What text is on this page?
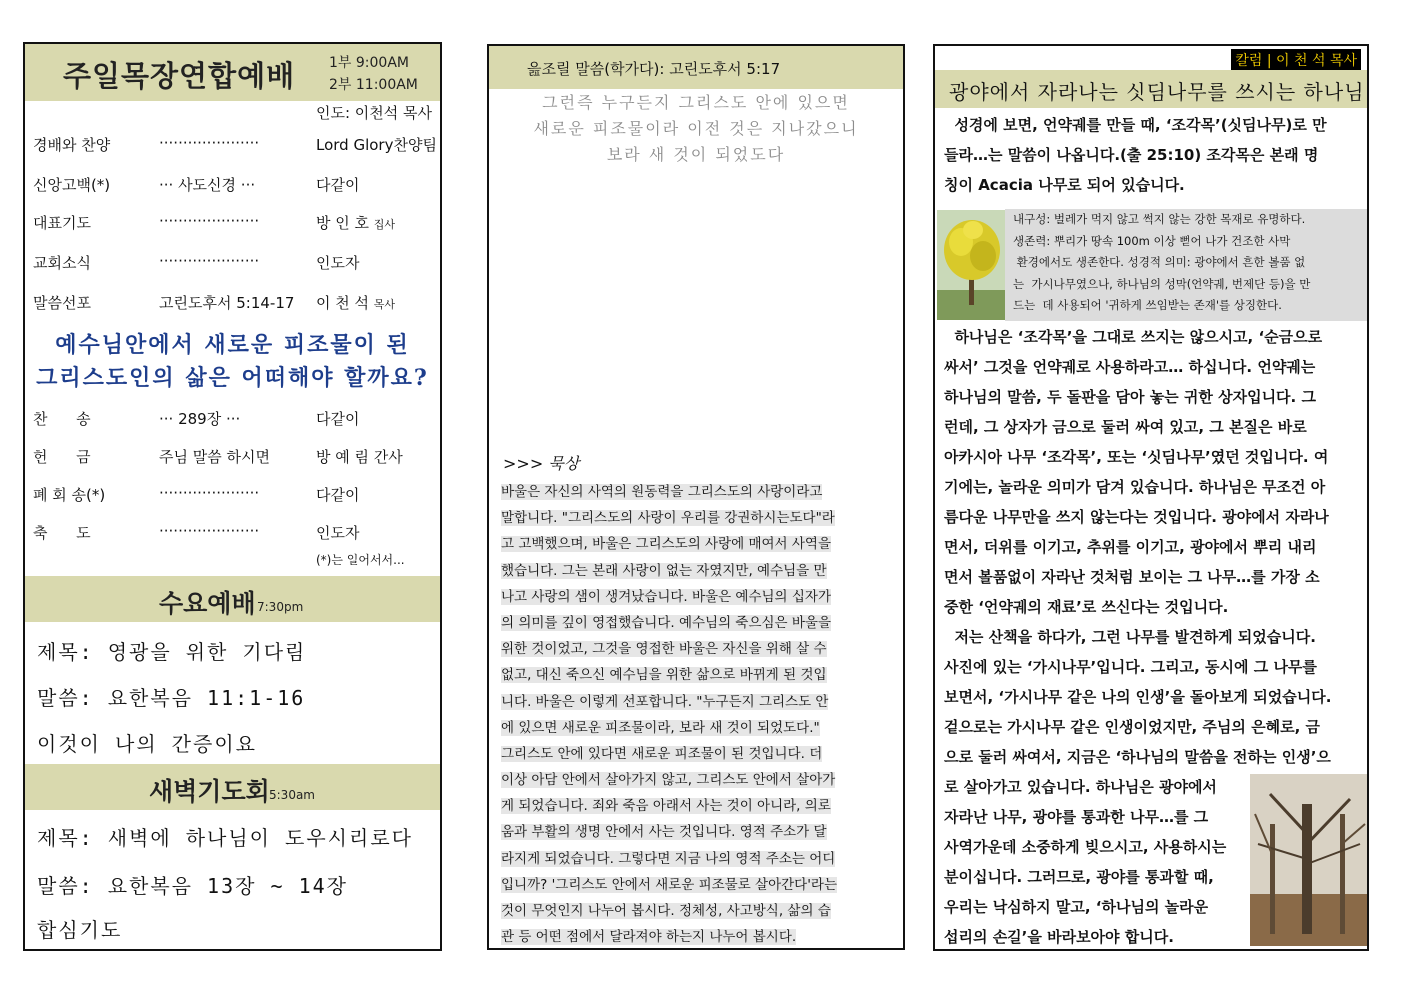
주일목장연합예배 1부 9:00AM
2부 11:00AM
인도: 이천석 목사
경배와 찬양	·····················	Lord Glory찬양팀
신앙고백(*)	··· 사도신경 ···	다같이
대표기도	·····················	방 인 호 집사
교회소식	·····················	인도자
말씀선포	고린도후서 5:14-17 이 천 석 목사
예수님안에서 새로운 피조물이 된
그리스도인의 삶은 어떠해야 할까요?
찬      송	··· 289장 ···	다같이
헌      금	주님 말씀 하시면	방 예 림 간사
폐 회 송(*)	·····················	다같이
축      도	·····················	인도자
(*)는 일어서서...
수요예배 7:30pm
제목: 영광을 위한 기다림
말씀: 요한복음 11:1-16
이것이 나의 간증이요
새벽기도회 5:30am
제목: 새벽에 하나님이 도우시리로다
말씀: 요한복음 13장 ~ 14장
합심기도
읊조릴 말씀(학가다): 고린도후서 5:17
그런즉 누구든지 그리스도 안에 있으면
새로운 피조물이라 이전 것은 지나갔으니
보라 새 것이 되었도다
>>> 묵상
바울은 자신의 사역의 원동력을 그리스도의 사랑이라고
말합니다. "그리스도의 사랑이 우리를 강권하시는도다"라
고 고백했으며, 바울은 그리스도의 사랑에 매여서 사역을
했습니다. 그는 본래 사랑이 없는 자였지만, 예수님을 만
나고 사랑의 샘이 생겨났습니다. 바울은 예수님의 십자가
의 의미를 깊이 영접했습니다. 예수님의 죽으심은 바울을
위한 것이었고, 그것을 영접한 바울은 자신을 위해 살 수
없고, 대신 죽으신 예수님을 위한 삶으로 바뀌게 된 것입
니다. 바울은 이렇게 선포합니다. "누구든지 그리스도 안
에 있으면 새로운 피조물이라, 보라 새 것이 되었도다."
그리스도 안에 있다면 새로운 피조물이 된 것입니다. 더
이상 아담 안에서 살아가지 않고, 그리스도 안에서 살아가
게 되었습니다. 죄와 죽음 아래서 사는 것이 아니라, 의로
움과 부활의 생명 안에서 사는 것입니다. 영적 주소가 달
라지게 되었습니다. 그렇다면 지금 나의 영적 주소는 어디
입니까? '그리스도 안에서 새로운 피조물로 살아간다'라는
것이 무엇인지 나누어 봅시다. 정체성, 사고방식, 삶의 습
관 등 어떤 점에서 달라져야 하는지 나누어 봅시다.
칼럼 | 이 천 석 목사
광야에서 자라나는 싯딤나무를 쓰시는 하나님
성경에 보면, 언약궤를 만들 때, ‘조각목’(싯딤나무)로 만
들라…는 말씀이 나옵니다.(출 25:10) 조각목은 본래 명
칭이 Acacia 나무로 되어 있습니다.
내구성: 벌레가 먹지 않고 썩지 않는 강한 목재로 유명하다.
생존력: 뿌리가 땅속 100m 이상 뻗어 나가 건조한 사막
환경에서도 생존한다. 성경적 의미: 광야에서 흔한 볼품 없
는  가시나무였으나, 하나님의 성막(언약궤, 번제단 등)을 만
드는  데 사용되어 '귀하게 쓰임받는 존재'를 상징한다.
하나님은 ‘조각목’을 그대로 쓰지는 않으시고, ‘순금으로
싸서’ 그것을 언약궤로 사용하라고… 하십니다. 언약궤는
하나님의 말씀, 두 돌판을 담아 놓는 귀한 상자입니다. 그
런데, 그 상자가 금으로 둘러 싸여 있고, 그 본질은 바로
아카시아 나무 ‘조각목’, 또는 ‘싯딤나무’였던 것입니다. 여
기에는, 놀라운 의미가 담겨 있습니다. 하나님은 무조건 아
름다운 나무만을 쓰지 않는다는 것입니다. 광야에서 자라나
면서, 더위를 이기고, 추위를 이기고, 광야에서 뿌리 내리
면서 볼품없이 자라난 것처럼 보이는 그 나무…를 가장 소
중한 ‘언약궤의 재료’로 쓰신다는 것입니다.
저는 산책을 하다가, 그런 나무를 발견하게 되었습니다.
사진에 있는 ‘가시나무’입니다. 그리고, 동시에 그 나무를
보면서, ‘가시나무 같은 나의 인생’을 돌아보게 되었습니다.
겉으로는 가시나무 같은 인생이었지만, 주님의 은혜로, 금
으로 둘러 싸여서, 지금은 ‘하나님의 말씀을 전하는 인생’으
로 살아가고 있습니다. 하나님은 광야에서
자라난 나무, 광야를 통과한 나무…를 그
사역가운데 소중하게 빚으시고, 사용하시는
분이십니다. 그러므로, 광야를 통과할 때,
우리는 낙심하지 말고, ‘하나님의 놀라운
섭리의 손길’을 바라보아야 합니다.
